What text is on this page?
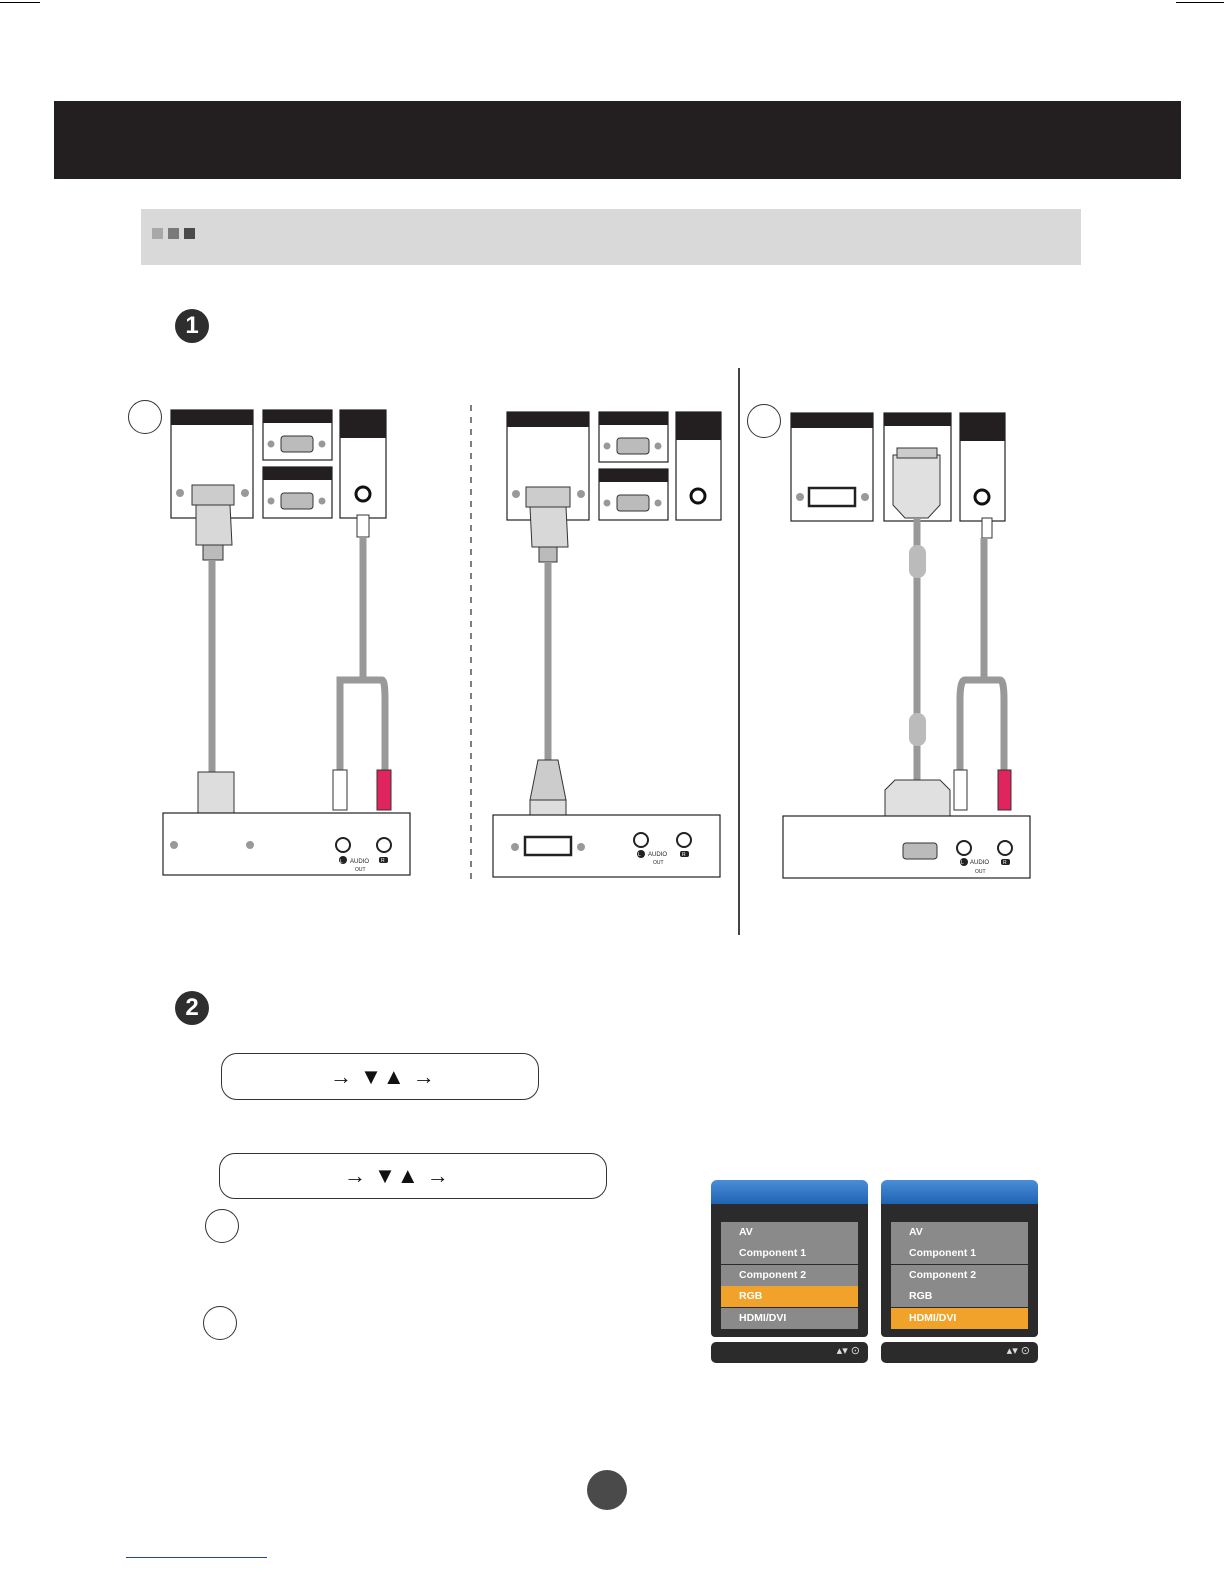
1
L AUDIO
OUT
R
L AUDIO
OUT
R
L AUDIO
OUT
R
2
→ ▼▲ →
→ ▼▲ →
AV
Component 1
Component 2
RGB
HDMI/DVI
▴▾ ⊙
AV
Component 1
Component 2
RGB
HDMI/DVI
▴▾ ⊙
